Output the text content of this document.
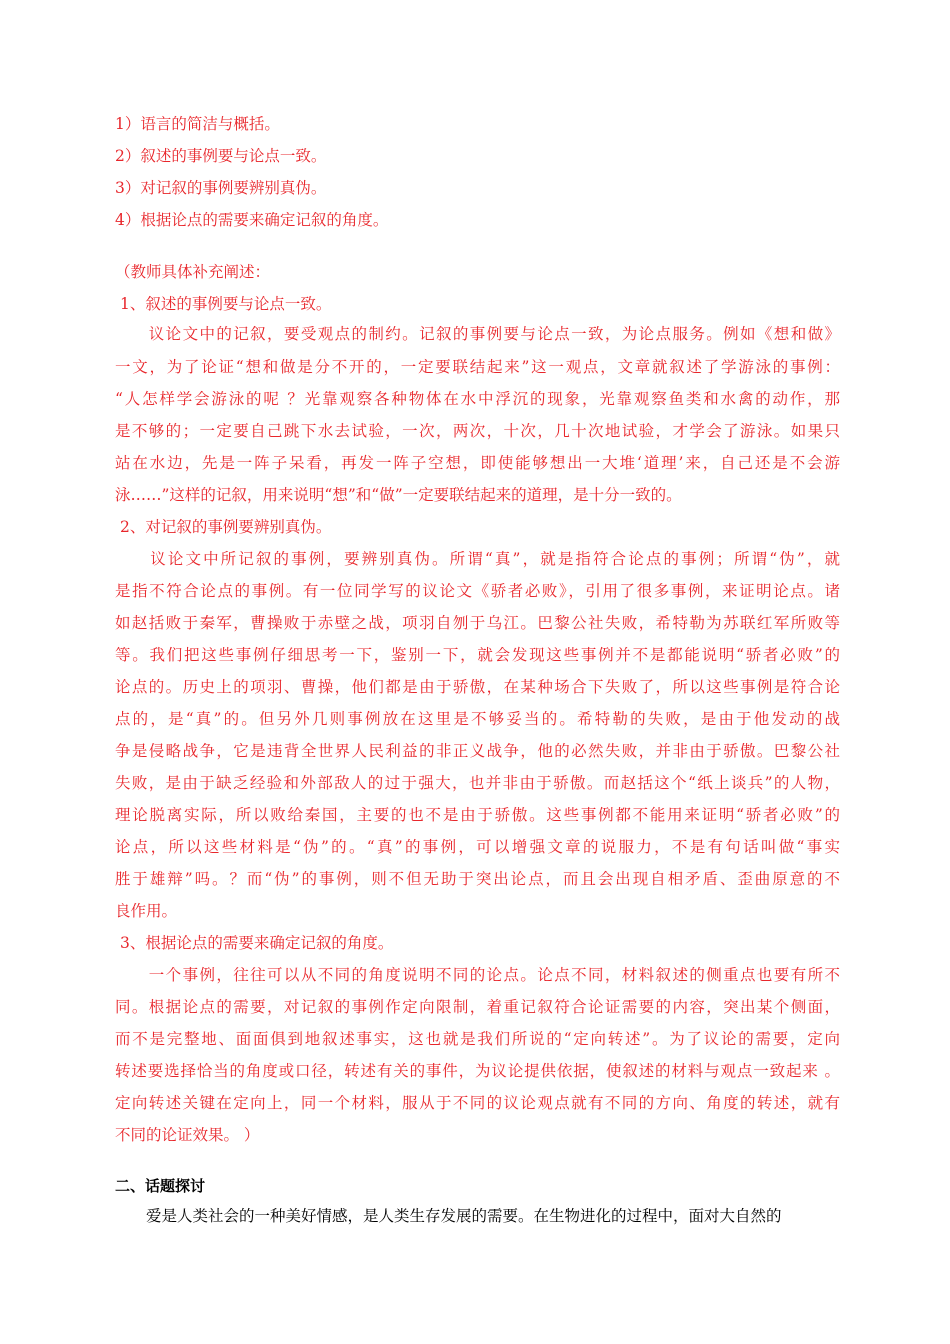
1）语言的简洁与概括。
2）叙述的事例要与论点一致。
3）对记叙的事例要辨别真伪。
4）根据论点的需要来确定记叙的角度。
（教师具体补充阐述：
1、叙述的事例要与论点一致。
　　议论文中的记叙，要受观点的制约。记叙的事例要与论点一致，为论点服务。例如《想和做》
一文，为了论证“想和做是分不开的，一定要联结起来”这一观点，文章就叙述了学游泳的事例：
“人怎样学会游泳的呢 ？光靠观察各种物体在水中浮沉的现象，光靠观察鱼类和水禽的动作，那
是不够的；一定要自己跳下水去试验，一次，两次，十次，几十次地试验，才学会了游泳。如果只
站在水边，先是一阵子呆看，再发一阵子空想，即使能够想出一大堆‘道理’来，自己还是不会游
泳……”这样的记叙，用来说明“想”和“做”一定要联结起来的道理，是十分一致的。
2、对记叙的事例要辨别真伪。
　　议论文中所记叙的事例，要辨别真伪。所谓“真”，就是指符合论点的事例；所谓“伪”，就
是指不符合论点的事例。有一位同学写的议论文《骄者必败》，引用了很多事例，来证明论点。诸
如赵括败于秦军，曹操败于赤壁之战，项羽自刎于乌江。巴黎公社失败，希特勒为苏联红军所败等
等。我们把这些事例仔细思考一下，鉴别一下，就会发现这些事例并不是都能说明“骄者必败”的
论点的。历史上的项羽、曹操，他们都是由于骄傲，在某种场合下失败了，所以这些事例是符合论
点的，是“真”的。但另外几则事例放在这里是不够妥当的。希特勒的失败，是由于他发动的战
争是侵略战争，它是违背全世界人民利益的非正义战争，他的必然失败，并非由于骄傲。巴黎公社
失败，是由于缺乏经验和外部敌人的过于强大，也并非由于骄傲。而赵括这个“纸上谈兵”的人物，
理论脱离实际，所以败给秦国，主要的也不是由于骄傲。这些事例都不能用来证明“骄者必败”的
论点，所以这些材料是“伪”的。“真”的事例，可以增强文章的说服力，不是有句话叫做“事实
胜于雄辩”吗。？而“伪”的事例，则不但无助于突出论点，而且会出现自相矛盾、歪曲原意的不
良作用。
3、根据论点的需要来确定记叙的角度。
　　一个事例，往往可以从不同的角度说明不同的论点。论点不同，材料叙述的侧重点也要有所不
同。根据论点的需要，对记叙的事例作定向限制，着重记叙符合论证需要的内容，突出某个侧面，
而不是完整地、面面俱到地叙述事实，这也就是我们所说的“定向转述”。为了议论的需要，定向
转述要选择恰当的角度或口径，转述有关的事件，为议论提供依据，使叙述的材料与观点一致起来 。
定向转述关键在定向上，同一个材料，服从于不同的议论观点就有不同的方向、角度的转述，就有
不同的论证效果。 ）
二、话题探讨
　　爱是人类社会的一种美好情感，是人类生存发展的需要。在生物进化的过程中，面对大自然的
